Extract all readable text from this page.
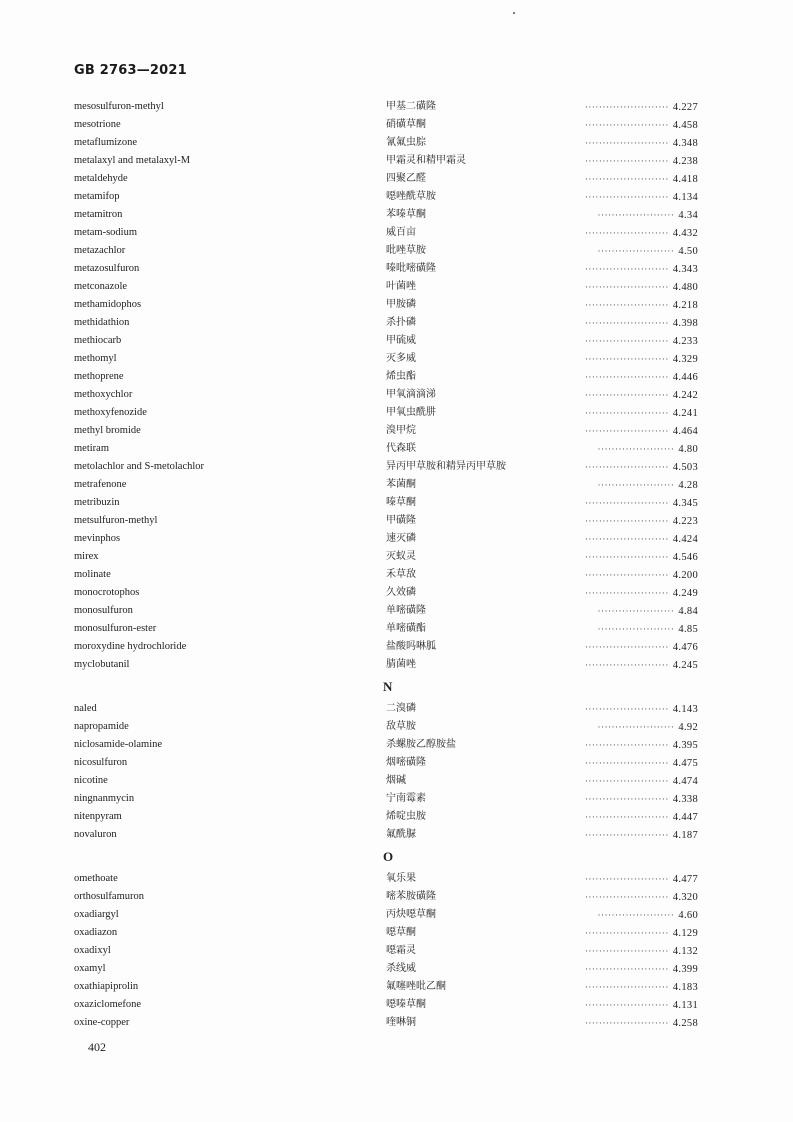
GB 2763—2021
mesosulfuron-methyl	甲基二磺隆	························ 4.227
mesotrione	硝磺草酮	························ 4.458
metaflumizone	氰氟虫腙	························ 4.348
metalaxyl and metalaxyl-M	甲霜灵和精甲霜灵	························ 4.238
metaldehyde	四聚乙醛	························ 4.418
metamifop	噁唑酰草胺	························ 4.134
metamitron	苯嗪草酮	······················ 4.34
metam-sodium	威百亩	························ 4.432
metazachlor	吡唑草胺	······················ 4.50
metazosulfuron	嗪吡嘧磺隆	························ 4.343
metconazole	叶菌唑	························ 4.480
methamidophos	甲胺磷	························ 4.218
methidathion	杀扑磷	························ 4.398
methiocarb	甲硫威	························ 4.233
methomyl	灭多威	························ 4.329
methoprene	烯虫酯	························ 4.446
methoxychlor	甲氧滴滴涕	························ 4.242
methoxyfenozide	甲氧虫酰肼	························ 4.241
methyl bromide	溴甲烷	························ 4.464
metiram	代森联	······················ 4.80
metolachlor and S-metolachlor	异丙甲草胺和精异丙甲草胺	························ 4.503
metrafenone	苯菌酮	······················ 4.28
metribuzin	嗪草酮	························ 4.345
metsulfuron-methyl	甲磺隆	························ 4.223
mevinphos	速灭磷	························ 4.424
mirex	灭蚁灵	························ 4.546
molinate	禾草敌	························ 4.200
monocrotophos	久效磷	························ 4.249
monosulfuron	单嘧磺隆	······················ 4.84
monosulfuron-ester	单嘧磺酯	······················ 4.85
moroxydine hydrochloride	盐酸吗啉胍	························ 4.476
myclobutanil	腈菌唑	························ 4.245
N
naled	二溴磷	························ 4.143
napropamide	敌草胺	······················ 4.92
niclosamide-olamine	杀螺胺乙醇胺盐	························ 4.395
nicosulfuron	烟嘧磺隆	························ 4.475
nicotine	烟碱	························ 4.474
ningnanmycin	宁南霉素	························ 4.338
nitenpyram	烯啶虫胺	························ 4.447
novaluron	氟酰脲	························ 4.187
O
omethoate	氧乐果	························ 4.477
orthosulfamuron	嘧苯胺磺隆	························ 4.320
oxadiargyl	丙炔噁草酮	······················ 4.60
oxadiazon	噁草酮	························ 4.129
oxadixyl	噁霜灵	························ 4.132
oxamyl	杀线威	························ 4.399
oxathiapiprolin	氟噻唑吡乙酮	························ 4.183
oxaziclomefone	噁嗪草酮	························ 4.131
oxine-copper	喹啉铜	························ 4.258
402
